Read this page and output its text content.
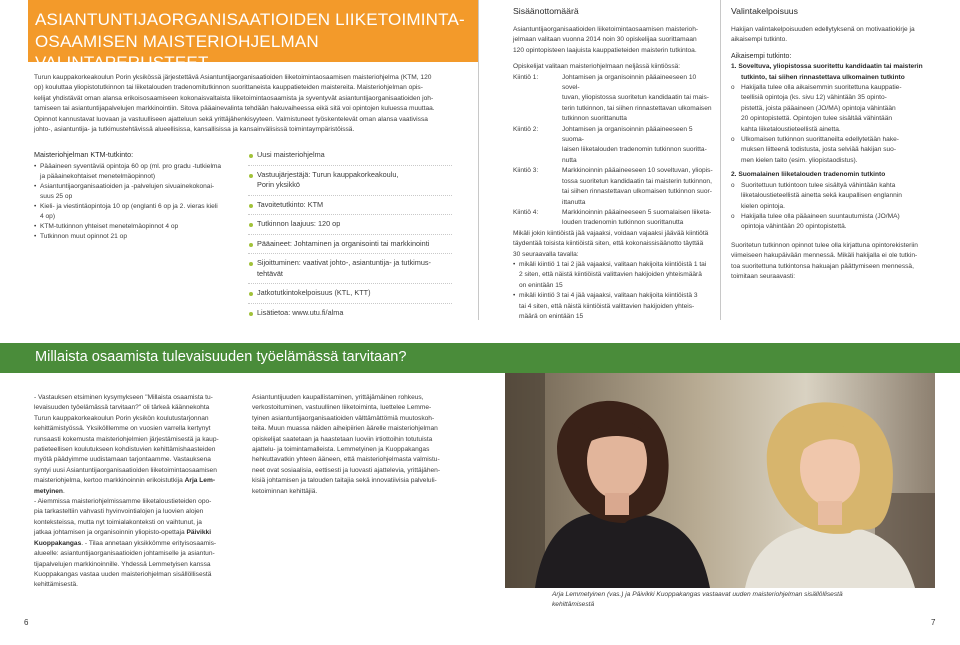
ASIANTUNTIJAORGANISAATIOIDEN LIIKETOIMINTA-
OSAAMISEN MAISTERIOHJELMAN VALINTAPERUSTEET
Turun kauppakorkeakoulun Porin yksikössä järjestettävä Asiantuntijaorganisaatioiden liiketoimintaosaamisen maisteriohjelma (KTM, 120
op) kouluttaa yliopistotutkinnon tai liiketalouden tradenomitutkinnon suorittaneista kauppatieteiden maistereita. Maisteriohjelman opis-
kelijat yhdistävät oman alansa erikoisosaamiseen kokonaisvaltaista liiketoimintaosaamista ja syventyvät asiantuntijaorganisaatioiden joh-
tamiseen tai asiantuntijapalvelujen markkinointiin. Sitova pääainevalinta tehdään hakuvaiheessa eikä sitä voi opintojen kuluessa muuttaa.
Opinnot kannustavat luovaan ja vastuulliseen ajatteluun sekä yrittäjähenkisyyteen. Valmistuneet työskentelevät oman alansa vaativissa
johto-, asiantuntija- ja tutkimustehtävissä alueellisissa, kansallisissa ja kansainvälisissä toimintaympäristöissä.
Maisteriohjelman KTM-tutkinto:
• Pääaineen syventäviä opintoja 60 op (ml. pro gradu -tutkielma
ja pääainekohtaiset menetelmäopinnot)
• Asiantuntijaorganisaatioiden ja -palvelujen sivuainekokonai-
suus 25 op
• Kieli- ja viestintäopintoja 10 op (englanti 6 op ja 2. vieras kieli
4 op)
• KTM-tutkinnon yhteiset menetelmäopinnot 4 op
• Tutkinnon muut opinnot 21 op
Uusi maisteriohjelma
Vastuujärjestäjä: Turun kauppakorkeakoulu,
Porin yksikkö
Tavoitetutkinto: KTM
Tutkinnon laajuus: 120 op
Pääaineet: Johtaminen ja organisointi tai markkinointi
Sijoittuminen: vaativat johto-, asiantuntija- ja tutkimus-
tehtävät
Jatkotutkintokelpoisuus (KTL, KTT)
Lisätietoa: www.utu.fi/alma
Sisäänottomäärä
Asiantuntijaorganisaatioiden liiketoimintaosaamisen maisterioh-
jelmaan valitaan vuonna 2014 noin 30 opiskelijaa suorittamaan
120 opintopisteen laajuista kauppatieteiden maisterin tutkintoa.
Opiskelijat valitaan maisteriohjelmaan neljässä kiintiössä:
Kiintiö 1:	Johtamisen ja organisoinnin pääaineeseen 10 sovel-
tuvan, yliopistossa suoritetun kandidaatin tai mais-
terin tutkinnon, tai siihen rinnastettavan ulkomaisen
tutkinnon suorittanutta
Kiintiö 2:	Johtamisen ja organisoinnin pääaineeseen 5 suoma-
laisen liiketalouden tradenomin tutkinnon suoritta-
nutta
Kiintiö 3:	Markkinoinnin pääaineeseen 10 soveltuvan, yliopis-
tossa suoritetun kandidaatin tai maisterin tutkinnon,
tai siihen rinnastettavan ulkomaisen tutkinnon suor-
ittanutta
Kiintiö 4:	Markkinoinnin pääaineeseen 5 suomalaisen liiketa-
louden tradenomin tutkinnon suorittanutta
Mikäli jokin kiintiöistä jää vajaaksi, voidaan vajaaksi jäävää kiintiötä
täydentää toisista kiintiöistä siten, että kokonaissisäänotto täyttää
30 seuraavalla tavalla:
• mikäli kiintiö 1 tai 2 jää vajaaksi, valitaan hakijoita kiintiöistä 1 tai
2 siten, että näistä kiintiöistä valittavien hakijoiden yhteismäärä
on enintään 15
• mikäli kiintiö 3 tai 4 jää vajaaksi, valitaan hakijoita kiintiöistä 3
tai 4 siten, että näistä kiintiöistä valittavien hakijoiden yhteis-
määrä on enintään 15
Valintakelpoisuus
Hakijan valintakelpoisuuden edellytyksenä on motivaatiokirje ja
aikaisempi tutkinto.
Aikaisempi tutkinto:
1. Soveltuva, yliopistossa suoritettu kandidaatin tai maisterin
tutkinto, tai siihen rinnastettava ulkomainen tutkinto
o Hakijalla tulee olla aikaisemmin suoritettuna kauppatie-
teellisiä opintoja (ks. sivu 12) vähintään 35 opinto-
pistettä, joista pääaineen (JO/MA) opintoja vähintään
20 opintopistettä. Opintojen tulee sisältää vähintään
kahta liiketaloustieteellistä ainetta.
o Ulkomaisen tutkinnon suorittaneilta edellytetään hake-
muksen liitteenä todistusta, josta selviää hakijan suo-
men kielen taito (esim. yliopistaodistus).
2. Suomalainen liiketalouden tradenomin tutkinto
o Suoritettuun tutkintoon tulee sisältyä vähintään kahta
liiketaloustieteellistä ainetta sekä kaupallisen englannin
kielen opintoja.
o Hakijalla tulee olla pääaineen suuntautumista (JO/MA)
opintoja vähintään 20 opintopistettä.
Suoritetun tutkinnon opinnot tulee olla kirjattuna opintorekisteriin
viimeiseen hakupäivään mennessä. Mikäli hakijalla ei ole tutkin-
toa suoritettuna tutkintonsa hakuajan päättymiseen mennessä,
toimitaan seuraavasti:
Millaista osaamista tulevaisuuden työelämässä tarvitaan?
- Vastauksen etsiminen kysymykseen "Millaista osaamista tu-
levaisuuden työelämässä tarvitaan?" oli tärkeä käännekohta
Turun kauppakorkeakoulun Porin yksikön koulutustarjonnan
kehittämistyössä. Yksikölllemme on vuosien varrella kertynyt
runsaasti kokemusta maisteriohjelmien järjestämisestä ja kaup-
patieteellisen koulutukseen kohdistuvien kehittämishaasteiden
myötä päädyimme uudistamaan tarjontaamme. Vastauksena
syntyi uusi Asiantuntijaorganisaatioiden liiketoimintaosaamisen
maisteriohjelma, kertoo markkinoinnin erikoistutkija Arja Lem-
metyinen.
- Aiemmissa maisteriohjelmissamme liiketaloustieteiden opo-
pia tarkasteltiin vahvasti hyvinvointialojen ja luovien alojen
konteksteissa, mutta nyt toimialakonteksti on vaihtunut, ja
jatkaa johtamisen ja organisoinnin yliopisto-opettaja Päivikki
Kuoppakangas. - Tilaa annetaan yksikkömme erityisosaamis-
alueelle: asiantuntijaorganisaatioiden johtamiselle ja asiantun-
tijapalvelujen markkinoinnille. Yhdessä Lemmetyisen kanssa
Kuoppakangas vastaa uuden maisteriohjelman sisällöllisestä
kehittämisestä.
Asiantuntijuuden kaupallistaminen, yrittäjämäinen rohkeus,
verkostoituminen, vastuullinen liiketoiminta, luettelee Lemme-
tyinen asiantuntijaorganisaatioiden välttämättömiä muutoskoh-
teita. Muun muassa näiden aiheipiirien äärelle maisteriohjelman
opiskelijat saatetaan ja haastetaan luoviin irtiottoihin totutuista
ajattelu- ja toimintamalleista. Lemmetyinen ja Kuoppakangas
hehkuttavatkin yhteen ääneen, että maisteriohjelmasta valmistu-
neet ovat sosiaalisia, eettisesti ja luovasti ajattelevia, yrittäjähen-
kisiä johtamisen ja talouden taitajia sekä innovatiivisia palveluli-
ketoiminnan kehittäjiä.
Arja Lemmetyinen (vas.) ja Päivikki Kuoppakangas vastaavat uuden maisteriohjelman sisällöllisestä
kehittämisestä
6	7
